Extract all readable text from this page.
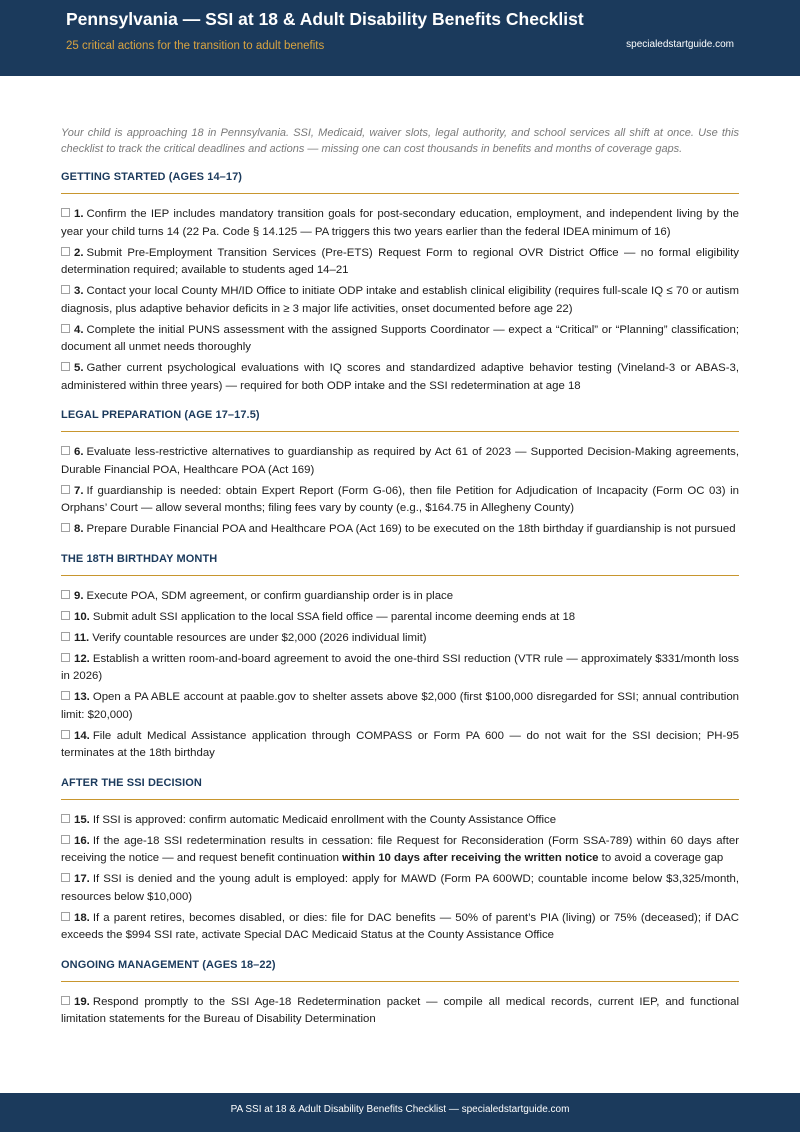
Pennsylvania — SSI at 18 & Adult Disability Benefits Checklist
25 critical actions for the transition to adult benefits	specialedstartguide.com

Your child is approaching 18 in Pennsylvania. SSI, Medicaid, waiver slots, legal authority, and school services all shift at once. Use this checklist to track the critical deadlines and actions — missing one can cost thousands in benefits and months of coverage gaps.

GETTING STARTED (AGES 14–17)
1. Confirm the IEP includes mandatory transition goals for post-secondary education, employment, and independent living by the year your child turns 14 (22 Pa. Code § 14.125 — PA triggers this two years earlier than the federal IDEA minimum of 16)
2. Submit Pre-Employment Transition Services (Pre-ETS) Request Form to regional OVR District Office — no formal eligibility determination required; available to students aged 14–21
3. Contact your local County MH/ID Office to initiate ODP intake and establish clinical eligibility (requires full-scale IQ ≤ 70 or autism diagnosis, plus adaptive behavior deficits in ≥ 3 major life activities, onset documented before age 22)
4. Complete the initial PUNS assessment with the assigned Supports Coordinator — expect a “Critical” or “Planning” classification; document all unmet needs thoroughly
5. Gather current psychological evaluations with IQ scores and standardized adaptive behavior testing (Vineland-3 or ABAS-3, administered within three years) — required for both ODP intake and the SSI redetermination at age 18
LEGAL PREPARATION (AGE 17–17.5)
6. Evaluate less-restrictive alternatives to guardianship as required by Act 61 of 2023 — Supported Decision-Making agreements, Durable Financial POA, Healthcare POA (Act 169)
7. If guardianship is needed: obtain Expert Report (Form G-06), then file Petition for Adjudication of Incapacity (Form OC 03) in Orphans’ Court — allow several months; filing fees vary by county (e.g., $164.75 in Allegheny County)
8. Prepare Durable Financial POA and Healthcare POA (Act 169) to be executed on the 18th birthday if guardianship is not pursued
THE 18TH BIRTHDAY MONTH
9. Execute POA, SDM agreement, or confirm guardianship order is in place
10. Submit adult SSI application to the local SSA field office — parental income deeming ends at 18
11. Verify countable resources are under $2,000 (2026 individual limit)
12. Establish a written room-and-board agreement to avoid the one-third SSI reduction (VTR rule — approximately $331/month loss in 2026)
13. Open a PA ABLE account at paable.gov to shelter assets above $2,000 (first $100,000 disregarded for SSI; annual contribution limit: $20,000)
14. File adult Medical Assistance application through COMPASS or Form PA 600 — do not wait for the SSI decision; PH-95 terminates at the 18th birthday
AFTER THE SSI DECISION
15. If SSI is approved: confirm automatic Medicaid enrollment with the County Assistance Office
16. If the age-18 SSI redetermination results in cessation: file Request for Reconsideration (Form SSA-789) within 60 days after receiving the notice — and request benefit continuation within 10 days after receiving the written notice to avoid a coverage gap
17. If SSI is denied and the young adult is employed: apply for MAWD (Form PA 600WD; countable income below $3,325/month, resources below $10,000)
18. If a parent retires, becomes disabled, or dies: file for DAC benefits — 50% of parent’s PIA (living) or 75% (deceased); if DAC exceeds the $994 SSI rate, activate Special DAC Medicaid Status at the County Assistance Office
ONGOING MANAGEMENT (AGES 18–22)
19. Respond promptly to the SSI Age-18 Redetermination packet — compile all medical records, current IEP, and functional limitation statements for the Bureau of Disability Determination
PA SSI at 18 & Adult Disability Benefits Checklist — specialedstartguide.com
